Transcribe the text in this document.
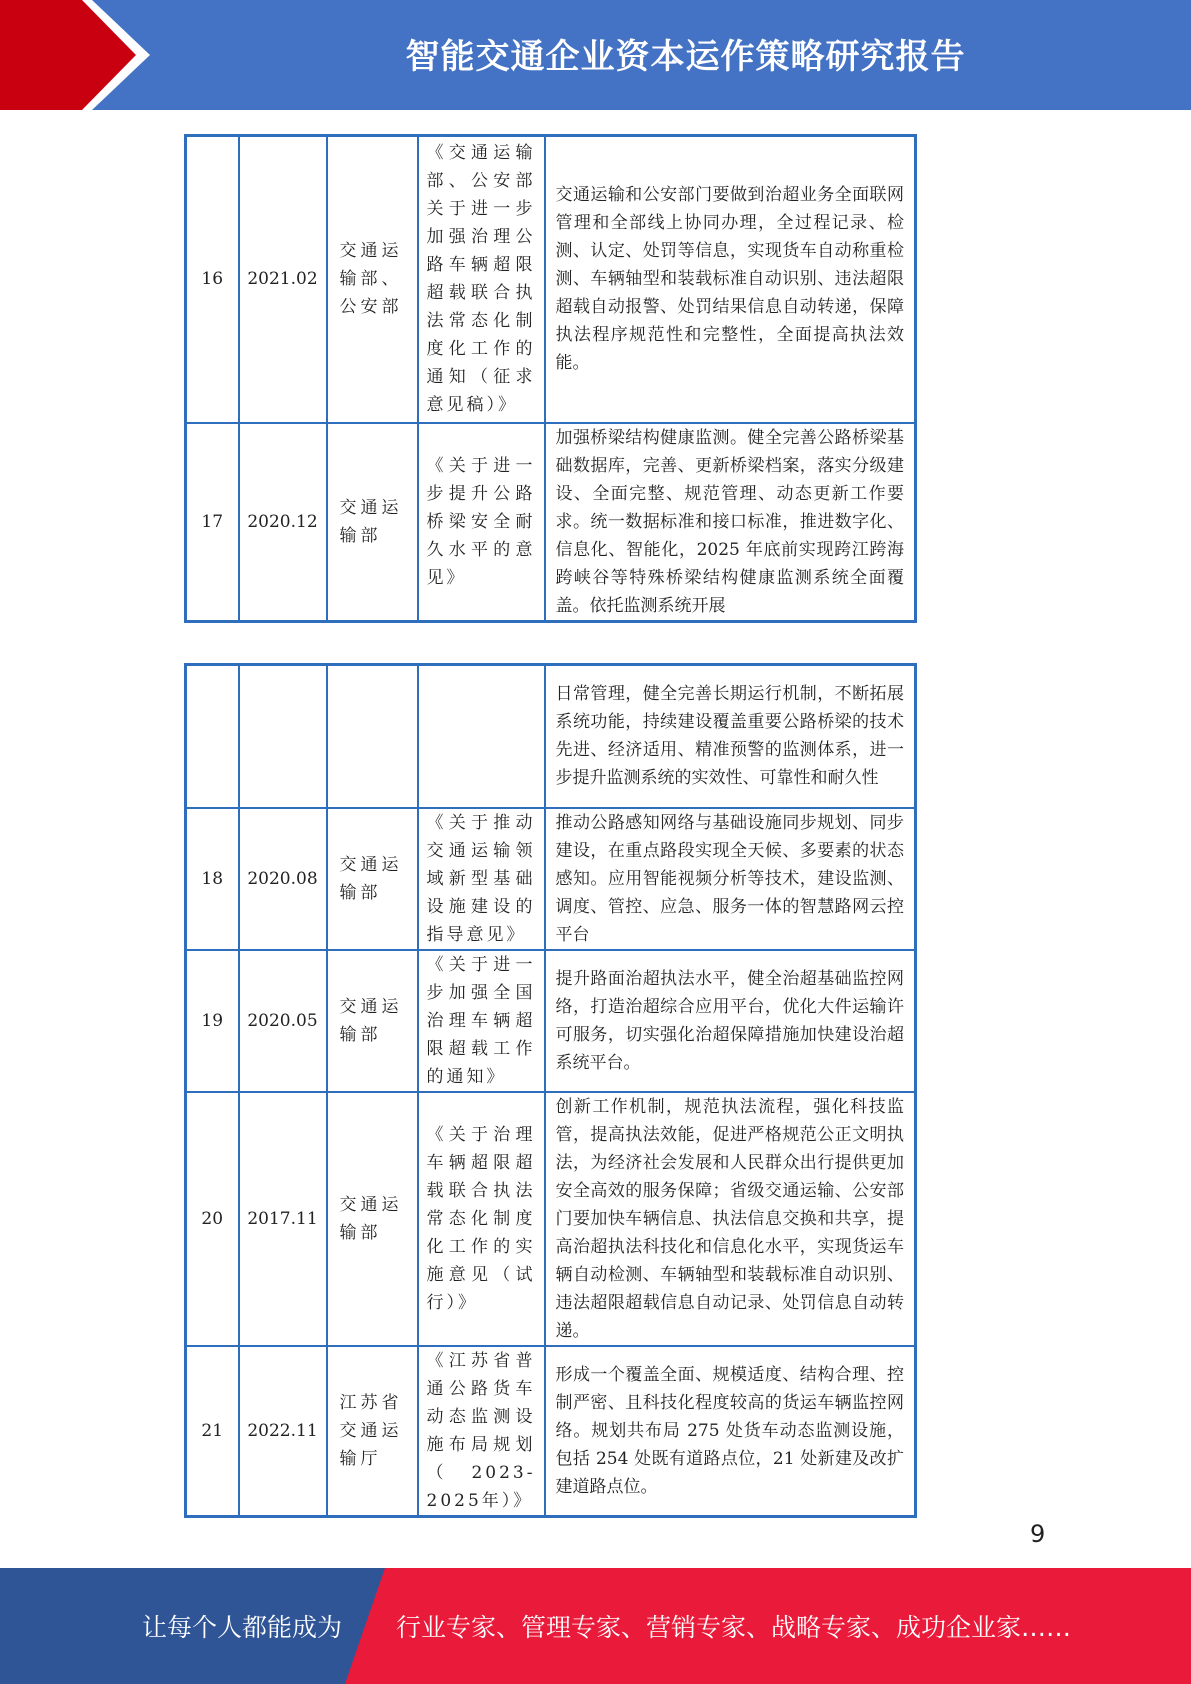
智能交通企业资本运作策略研究报告
16	2021.02	交通运输部、公安部	《交通运输部、公安部关于进一步加强治理公路车辆超限超载联合执法常态化制度化工作的通知（征求意见稿）》	交通运输和公安部门要做到治超业务全面联网管理和全部线上协同办理，全过程记录、检测、认定、处罚等信息，实现货车自动称重检测、车辆轴型和装载标准自动识别、违法超限超载自动报警、处罚结果信息自动转递，保障执法程序规范性和完整性，全面提高执法效能。
17	2020.12	交通运输部	《关于进一步提升公路桥梁安全耐久水平的意见》	加强桥梁结构健康监测。健全完善公路桥梁基础数据库，完善、更新桥梁档案，落实分级建设、全面完整、规范管理、动态更新工作要求。统一数据标准和接口标准，推进数字化、信息化、智能化，2025 年底前实现跨江跨海跨峡谷等特殊桥梁结构健康监测系统全面覆盖。依托监测系统开展
				日常管理，健全完善长期运行机制，不断拓展系统功能，持续建设覆盖重要公路桥梁的技术先进、经济适用、精准预警的监测体系，进一步提升监测系统的实效性、可靠性和耐久性
18	2020.08	交通运输部	《关于推动交通运输领域新型基础设施建设的指导意见》	推动公路感知网络与基础设施同步规划、同步建设，在重点路段实现全天候、多要素的状态感知。应用智能视频分析等技术，建设监测、调度、管控、应急、服务一体的智慧路网云控平台
19	2020.05	交通运输部	《关于进一步加强全国治理车辆超限超载工作的通知》	提升路面治超执法水平，健全治超基础监控网络，打造治超综合应用平台，优化大件运输许可服务，切实强化治超保障措施加快建设治超系统平台。
20	2017.11	交通运输部	《关于治理车辆超限超载联合执法常态化制度化工作的实施意见（试行）》	创新工作机制，规范执法流程，强化科技监管，提高执法效能，促进严格规范公正文明执法，为经济社会发展和人民群众出行提供更加安全高效的服务保障；省级交通运输、公安部门要加快车辆信息、执法信息交换和共享，提高治超执法科技化和信息化水平，实现货运车辆自动检测、车辆轴型和装载标准自动识别、违法超限超载信息自动记录、处罚信息自动转递。
21	2022.11	江苏省交通运输厅	《江苏省普通公路货车动态监测设施布局规划（2023-2025年）》	形成一个覆盖全面、规模适度、结构合理、控制严密、且科技化程度较高的货运车辆监控网络。规划共布局 275 处货车动态监测设施，包括 254 处既有道路点位，21 处新建及改扩建道路点位。
9
让每个人都能成为 行业专家、管理专家、营销专家、战略专家、成功企业家……
